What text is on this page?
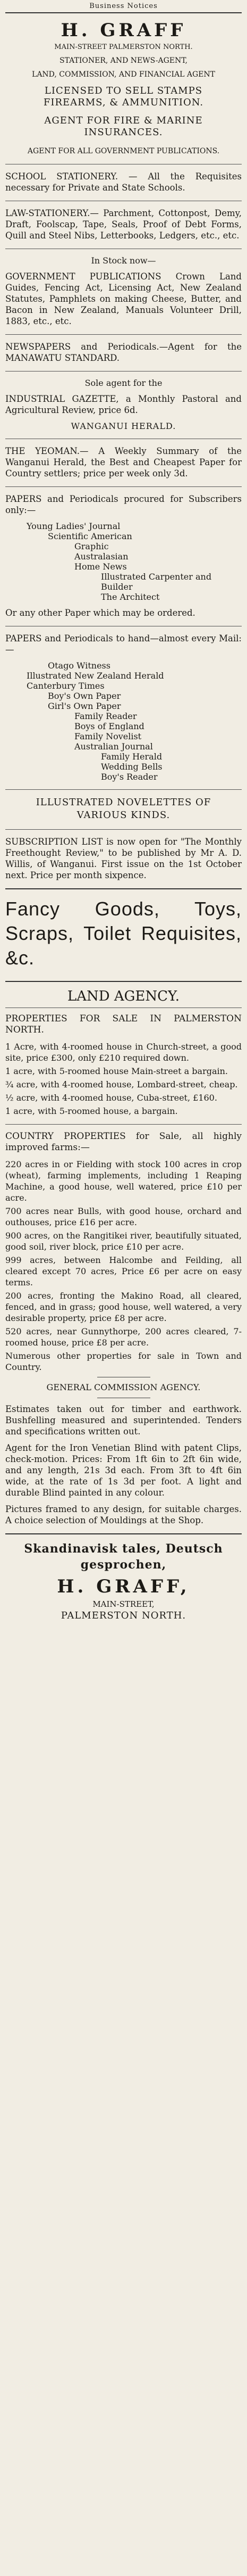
Business Notices
H. GRAFF
MAIN-STREET PALMERSTON NORTH.
STATIONER, AND NEWS-AGENT,
LAND, COMMISSION, AND FINANCIAL AGENT
LICENSED TO SELL STAMPS FIREARMS, & AMMUNITION.
AGENT FOR FIRE & MARINE INSURANCES.
AGENT FOR ALL GOVERNMENT PUBLICATIONS.
SCHOOL STATIONERY. — All the Requisites necessary for Private and State Schools.
LAW-STATIONERY.— Parchment, Cottonpost, Demy, Draft, Foolscap, Tape, Seals, Proof of Debt Forms, Quill and Steel Nibs, Letterbooks, Ledgers, etc., etc.
In Stock now—
GOVERNMENT PUBLICATIONS Crown Land Guides, Fencing Act, Licensing Act, New Zealand Statutes, Pamphlets on making Cheese, Butter, and Bacon in New Zealand, Manuals Volunteer Drill, 1883, etc., etc.
NEWSPAPERS and Periodicals.—Agent for the MANAWATU STANDARD.
Sole agent for the
INDUSTRIAL GAZETTE, a Monthly Pastoral and Agricultural Review, price 6d.
WANGANUI HERALD.
THE YEOMAN.— A Weekly Summary of the Wanganui Herald, the Best and Cheapest Paper for Country settlers; price per week only 3d.
PAPERS and Periodicals procured for Subscribers only:—
Young Ladies' Journal
Scientific American
Graphic
Australasian
Home News
Illustrated Carpenter and Builder
The Architect
Or any other Paper which may be ordered.
PAPERS and Periodicals to hand—almost every Mail:—
Otago Witness
Illustrated New Zealand Herald
Canterbury Times
Boy's Own Paper
Girl's Own Paper
Family Reader
Boys of England
Family Novelist
Australian Journal
Family Herald
Wedding Bells
Boy's Reader
ILLUSTRATED NOVELETTES OF VARIOUS KINDS.
SUBSCRIPTION LIST is now open for "The Monthly Freethought Review," to be published by Mr A. D. Willis, of Wanganui. First issue on the 1st October next. Price per month sixpence.
Fancy Goods, Toys, Scraps, Toilet Requisites, &c.
LAND AGENCY.
PROPERTIES FOR SALE IN PALMERSTON NORTH.
1 Acre, with 4-roomed house in Church-street, a good site, price £300, only £210 required down.
1 acre, with 5-roomed house Main-street a bargain.
¾ acre, with 4-roomed house, Lombard-street, cheap.
½ acre, with 4-roomed house, Cuba-street, £160.
1 acre, with 5-roomed house, a bargain.
COUNTRY PROPERTIES for Sale, all highly improved farms:—
220 acres in or Fielding with stock 100 acres in crop (wheat), farming implements, including 1 Reaping Machine, a good house, well watered, price £10 per acre.
700 acres near Bulls, with good house, orchard and outhouses, price £16 per acre.
900 acres, on the Rangitikei river, beautifully situated, good soil, river block, price £10 per acre.
999 acres, between Halcombe and Feilding, all cleared except 70 acres, Price £6 per acre on easy terms.
200 acres, fronting the Makino Road, all cleared, fenced, and in grass; good house, well watered, a very desirable property, price £8 per acre.
520 acres, near Gunnythorpe, 200 acres cleared, 7-roomed house, price £8 per acre.
Numerous other properties for sale in Town and Country.
GENERAL COMMISSION AGENCY.
Estimates taken out for timber and earthwork. Bushfelling measured and superintended. Tenders and specifications written out.
Agent for the Iron Venetian Blind with patent Clips, check-motion. Prices: From 1ft 6in to 2ft 6in wide, and any length, 21s 3d each. From 3ft to 4ft 6in wide, at the rate of 1s 3d per foot. A light and durable Blind painted in any colour.
Pictures framed to any design, for suitable charges. A choice selection of Mouldings at the Shop.
Skandinavisk tales, Deutsch gesprochen,
H. GRAFF,
MAIN-STREET,
PALMERSTON NORTH.
